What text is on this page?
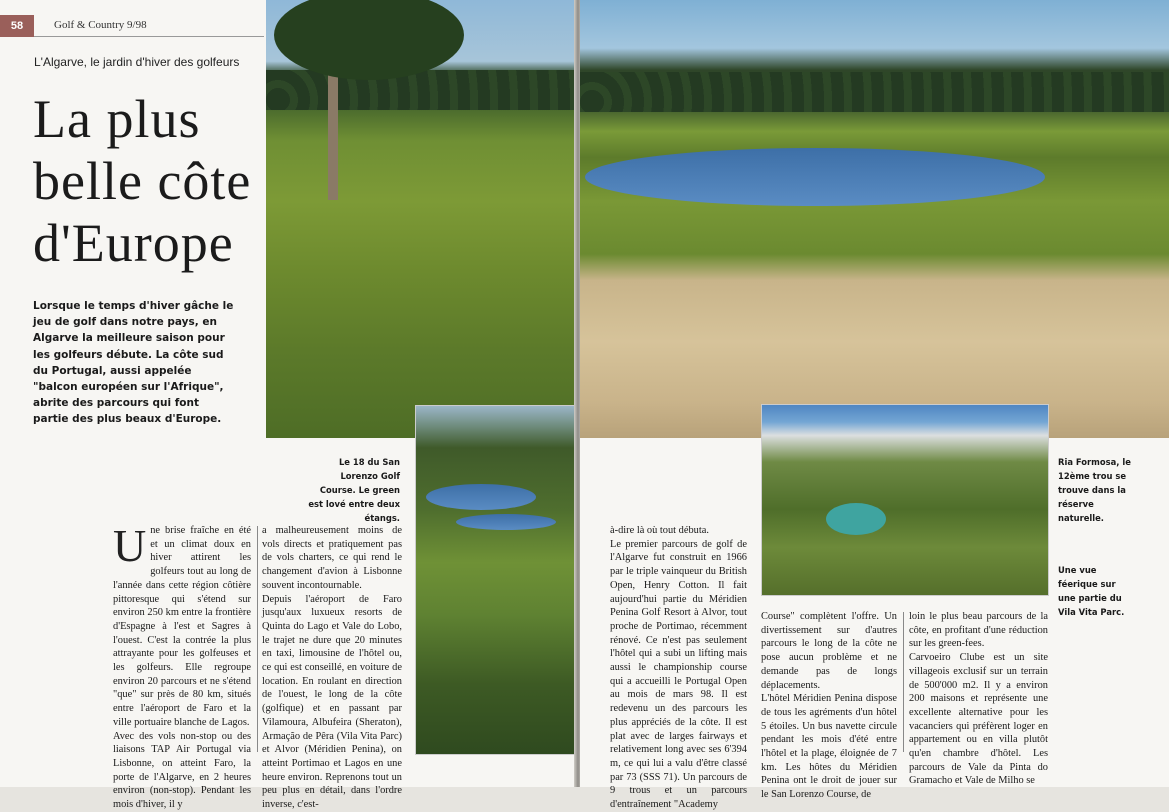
58	Golf & Country 9/98
L'Algarve, le jardin d'hiver des golfeurs
La plus belle côte d'Europe
Lorsque le temps d'hiver gâche le jeu de golf dans notre pays, en Algarve la meilleure saison pour les golfeurs débute. La côte sud du Portugal, aussi appelée "balcon européen sur l'Afrique", abrite des parcours qui font partie des plus beaux d'Europe.
Le 18 du San Lorenzo Golf Course. Le green est lové entre deux étangs.

Une brise fraîche en été et un climat doux en hiver attirent les golfeurs tout au long de l'année dans cette région côtière pittoresque qui s'étend sur environ 250 km entre la frontière d'Espagne à l'est et Sagres à l'ouest. C'est la contrée la plus attrayante pour les golfeuses et les golfeurs. Elle regroupe environ 20 parcours et ne s'étend "que" sur près de 80 km, situés entre l'aéroport de Faro et la ville portuaire blanche de Lagos.

Avec des vols non-stop ou des liaisons TAP Air Portugal via Lisbonne, on atteint Faro, la porte de l'Algarve, en 2 heures environ (non-stop). Pendant les mois d'hiver, il y

a malheureusement moins de vols directs et pratiquement pas de vols charters, ce qui rend le changement d'avion à Lisbonne souvent incontournable.

Depuis l'aéroport de Faro jusqu'aux luxueux resorts de Quinta do Lago et Vale do Lobo, le trajet ne dure que 20 minutes en taxi, limousine de l'hôtel ou, ce qui est conseillé, en voiture de location. En roulant en direction de l'ouest, le long de la côte (golfique) et en passant par Vilamoura, Albufeira (Sheraton), Armação de Pêra (Vila Vita Parc) et Alvor (Méridien Penina), on atteint Portimao et Lagos en une heure environ. Reprenons tout un peu plus en détail, dans l'ordre inverse, c'est-

Ria Formosa, le 12ème trou se trouve dans la réserve naturelle.
Une vue féerique sur une partie du Vila Vita Parc.

à-dire là où tout débuta.

Le premier parcours de golf de l'Algarve fut construit en 1966 par le triple vainqueur du British Open, Henry Cotton. Il fait aujourd'hui partie du Méridien Penina Golf Resort à Alvor, tout proche de Portimao, récemment rénové. Ce n'est pas seulement l'hôtel qui a subi un lifting mais aussi le championship course qui a accueilli le Portugal Open au mois de mars 98. Il est redevenu un des parcours les plus appréciés de la côte. Il est plat avec de larges fairways et relativement long avec ses 6'394 m, ce qui lui a valu d'être classé par 73 (SSS 71). Un parcours de 9 trous et un parcours d'entraînement "Academy

Course" complètent l'offre. Un divertissement sur d'autres parcours le long de la côte ne pose aucun problème et ne demande pas de longs déplacements.

L'hôtel Méridien Penina dispose de tous les agréments d'un hôtel 5 étoiles. Un bus navette circule pendant les mois d'été entre l'hôtel et la plage, éloignée de 7 km. Les hôtes du Méridien Penina ont le droit de jouer sur le San Lorenzo Course, de

loin le plus beau parcours de la côte, en profitant d'une réduction sur les green-fees.

Carvoeiro Clube est un site villageois exclusif sur un terrain de 500'000 m2. Il y a environ 200 maisons et représente une excellente alternative pour les vacanciers qui préfèrent loger en appartement ou en villa plutôt qu'en chambre d'hôtel. Les parcours de Vale da Pinta do Gramacho et Vale de Milho se
